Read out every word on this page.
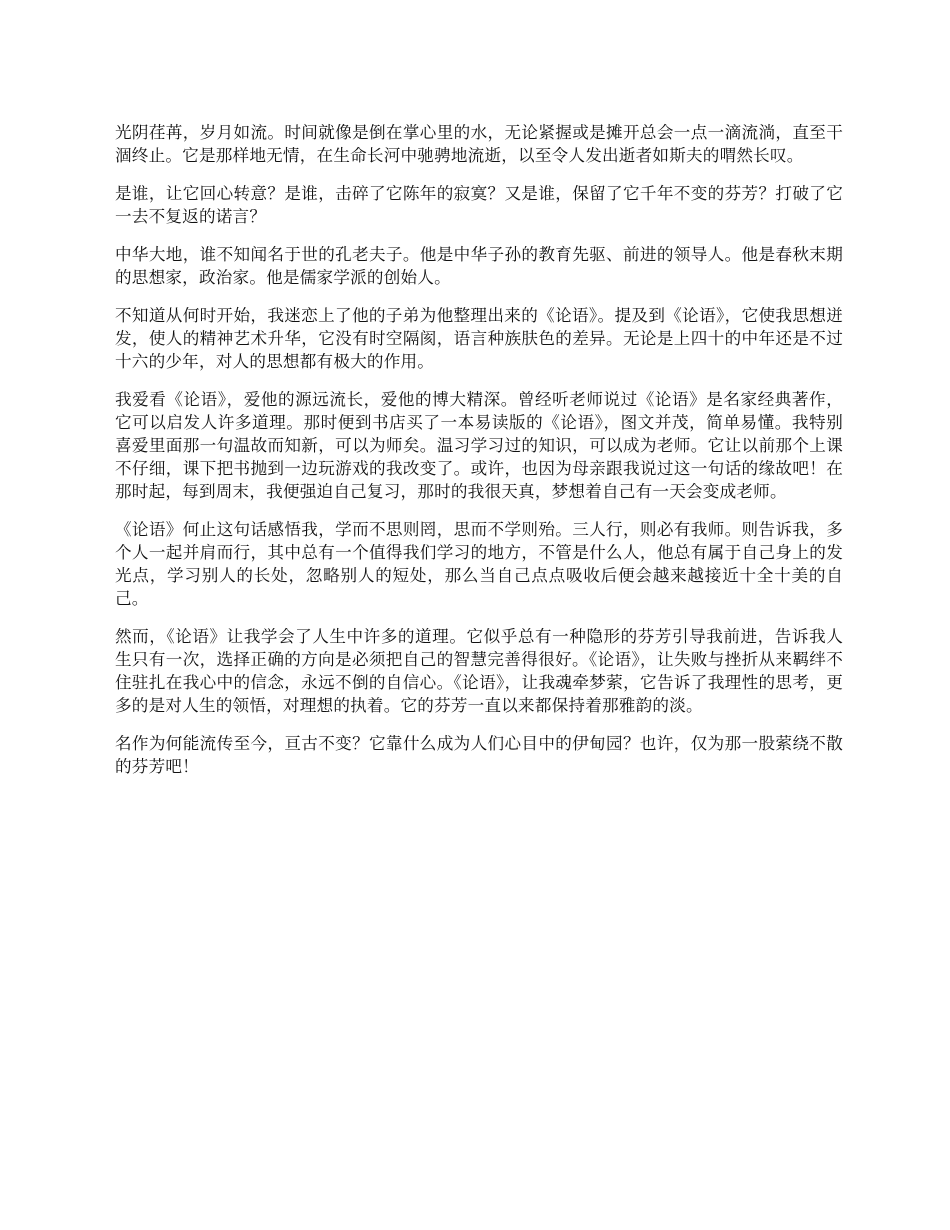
光阴荏苒，岁月如流。时间就像是倒在掌心里的水，无论紧握或是摊开总会一点一滴流淌，直至干涸终止。它是那样地无情，在生命长河中驰骋地流逝，以至令人发出逝者如斯夫的喟然长叹。

是谁，让它回心转意？是谁，击碎了它陈年的寂寞？又是谁，保留了它千年不变的芬芳？打破了它一去不复返的诺言？

中华大地，谁不知闻名于世的孔老夫子。他是中华子孙的教育先驱、前进的领导人。他是春秋末期的思想家，政治家。他是儒家学派的创始人。

不知道从何时开始，我迷恋上了他的子弟为他整理出来的《论语》。提及到《论语》，它使我思想迸发，使人的精神艺术升华，它没有时空隔阂，语言种族肤色的差异。无论是上四十的中年还是不过十六的少年，对人的思想都有极大的作用。

我爱看《论语》，爱他的源远流长，爱他的博大精深。曾经听老师说过《论语》是名家经典著作，它可以启发人许多道理。那时便到书店买了一本易读版的《论语》，图文并茂，简单易懂。我特别喜爱里面那一句温故而知新，可以为师矣。温习学习过的知识，可以成为老师。它让以前那个上课不仔细，课下把书抛到一边玩游戏的我改变了。或许，也因为母亲跟我说过这一句话的缘故吧！在那时起，每到周末，我便强迫自己复习，那时的我很天真，梦想着自己有一天会变成老师。

《论语》何止这句话感悟我，学而不思则罔，思而不学则殆。三人行，则必有我师。则告诉我，多个人一起并肩而行，其中总有一个值得我们学习的地方，不管是什么人，他总有属于自己身上的发光点，学习别人的长处，忽略别人的短处，那么当自己点点吸收后便会越来越接近十全十美的自己。

然而，《论语》让我学会了人生中许多的道理。它似乎总有一种隐形的芬芳引导我前进，告诉我人生只有一次，选择正确的方向是必须把自己的智慧完善得很好。《论语》，让失败与挫折从来羁绊不住驻扎在我心中的信念，永远不倒的自信心。《论语》，让我魂牵梦萦，它告诉了我理性的思考，更多的是对人生的领悟，对理想的执着。它的芬芳一直以来都保持着那雅韵的淡。

名作为何能流传至今，亘古不变？它靠什么成为人们心目中的伊甸园？也许，仅为那一股萦绕不散的芬芳吧！
